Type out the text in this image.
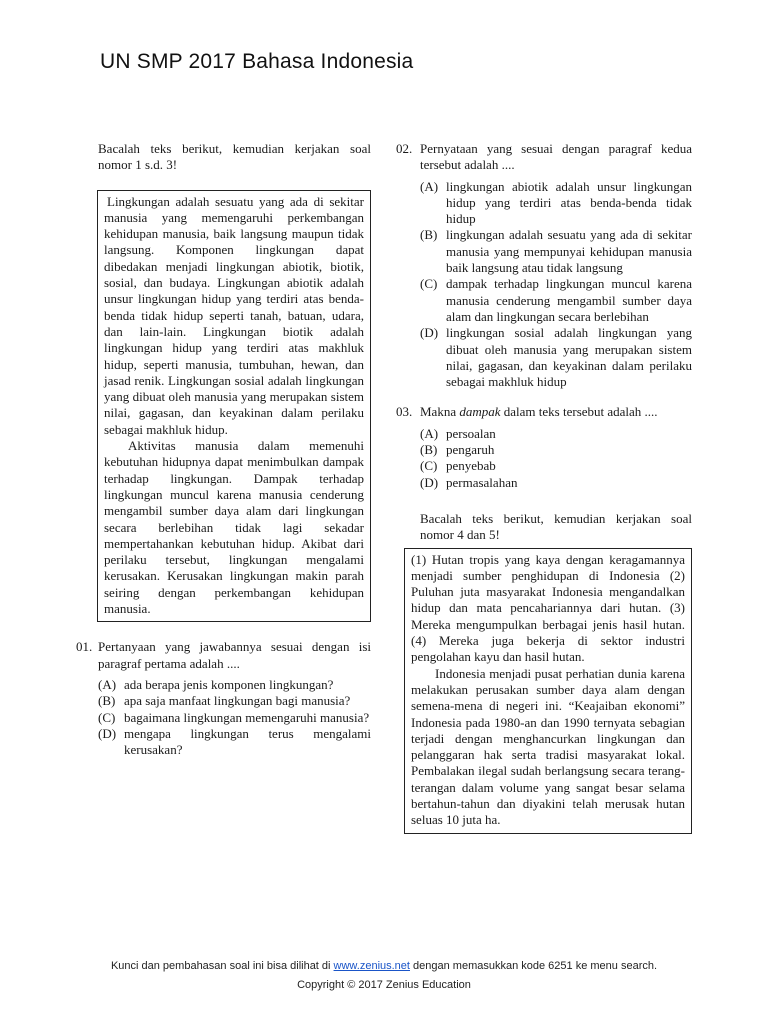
UN SMP 2017 Bahasa Indonesia
Bacalah teks berikut, kemudian kerjakan soal nomor 1 s.d. 3!

Lingkungan adalah sesuatu yang ada di sekitar manusia yang memengaruhi perkembangan kehidupan manusia, baik langsung maupun tidak langsung. Komponen lingkungan dapat dibedakan menjadi lingkungan abiotik, biotik, sosial, dan budaya. Lingkungan abiotik adalah unsur lingkungan hidup yang terdiri atas benda-benda tidak hidup seperti tanah, batuan, udara, dan lain-lain. Lingkungan biotik adalah lingkungan hidup yang terdiri atas makhluk hidup, seperti manusia, tumbuhan, hewan, dan jasad renik. Lingkungan sosial adalah lingkungan yang dibuat oleh manusia yang merupakan sistem nilai, gagasan, dan keyakinan dalam perilaku sebagai makhluk hidup.

Aktivitas manusia dalam memenuhi kebutuhan hidupnya dapat menimbulkan dampak terhadap lingkungan. Dampak terhadap lingkungan muncul karena manusia cenderung mengambil sumber daya alam dari lingkungan secara berlebihan tidak lagi sekadar mempertahankan kebutuhan hidup. Akibat dari perilaku tersebut, lingkungan mengalami kerusakan. Kerusakan lingkungan makin parah seiring dengan perkembangan kehidupan manusia.

01. Pertanyaan yang jawabannya sesuai dengan isi paragraf pertama adalah ....
(A) ada berapa jenis komponen lingkungan?
(B) apa saja manfaat lingkungan bagi manusia?
(C) bagaimana lingkungan memengaruhi manusia?
(D) mengapa lingkungan terus mengalami kerusakan?
02. Pernyataan yang sesuai dengan paragraf kedua tersebut adalah ....
(A) lingkungan abiotik adalah unsur lingkungan hidup yang terdiri atas benda-benda tidak hidup
(B) lingkungan adalah sesuatu yang ada di sekitar manusia yang mempunyai kehidupan manusia baik langsung atau tidak langsung
(C) dampak terhadap lingkungan muncul karena manusia cenderung mengambil sumber daya alam dan lingkungan secara berlebihan
(D) lingkungan sosial adalah lingkungan yang dibuat oleh manusia yang merupakan sistem nilai, gagasan, dan keyakinan dalam perilaku sebagai makhluk hidup
03. Makna dampak dalam teks tersebut adalah ....
(A) persoalan
(B) pengaruh
(C) penyebab
(D) permasalahan
Bacalah teks berikut, kemudian kerjakan soal nomor 4 dan 5!

(1) Hutan tropis yang kaya dengan keragamannya menjadi sumber penghidupan di Indonesia (2) Puluhan juta masyarakat Indonesia mengandalkan hidup dan mata pencahariannya dari hutan. (3) Mereka mengumpulkan berbagai jenis hasil hutan. (4) Mereka juga bekerja di sektor industri pengolahan kayu dan hasil hutan.

Indonesia menjadi pusat perhatian dunia karena melakukan perusakan sumber daya alam dengan semena-mena di negeri ini. “Keajaiban ekonomi” Indonesia pada 1980-an dan 1990 ternyata sebagian terjadi dengan menghancurkan lingkungan dan pelanggaran hak serta tradisi masyarakat lokal. Pembalakan ilegal sudah berlangsung secara terang-terangan dalam volume yang sangat besar selama bertahun-tahun dan diyakini telah merusak hutan seluas 10 juta ha.

Kunci dan pembahasan soal ini bisa dilihat di www.zenius.net dengan memasukkan kode 6251 ke menu search.
Copyright © 2017 Zenius Education
